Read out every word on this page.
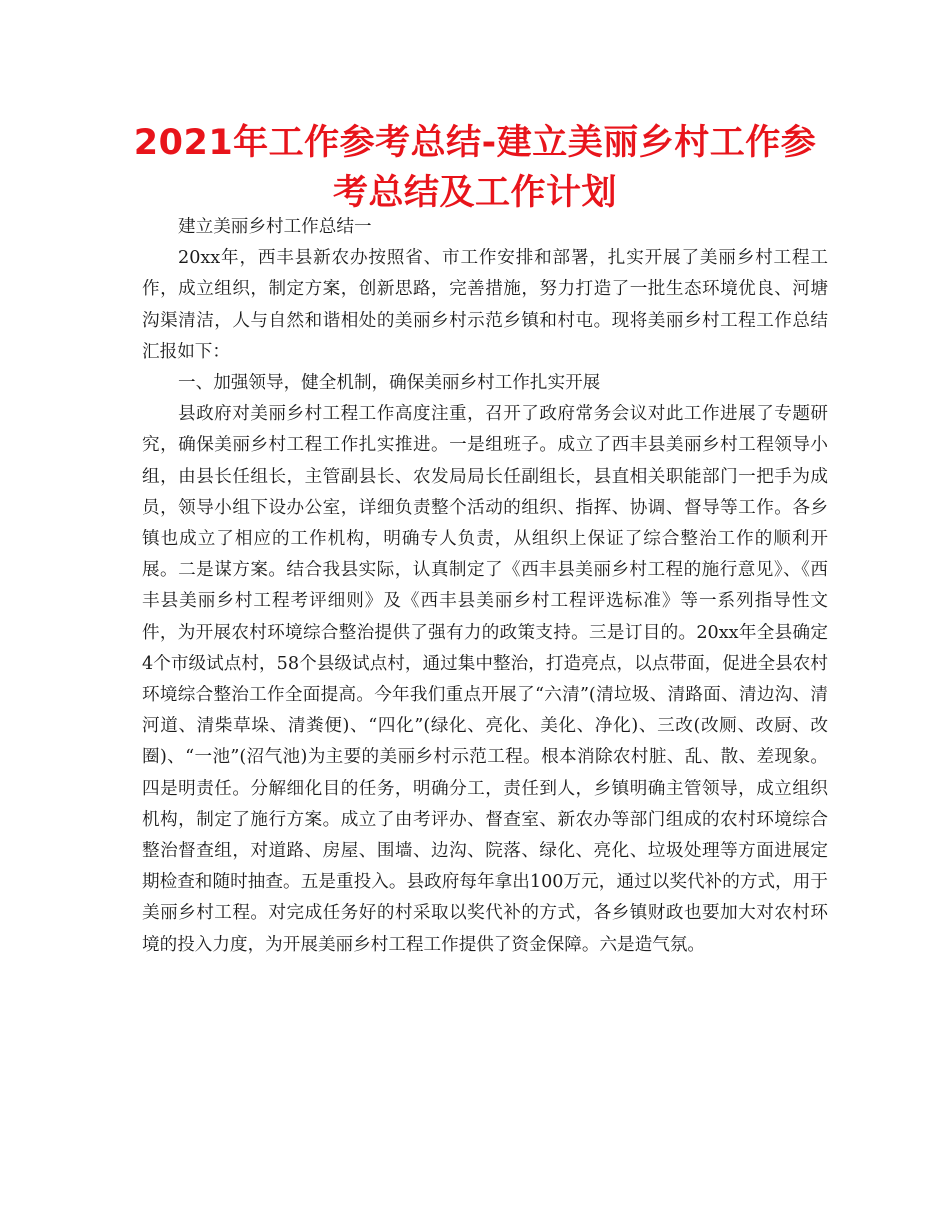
2021年工作参考总结-建立美丽乡村工作参考总结及工作计划

建立美丽乡村工作总结一

20xx年，西丰县新农办按照省、市工作安排和部署，扎实开展了美丽乡村工程工作，成立组织，制定方案，创新思路，完善措施，努力打造了一批生态环境优良、河塘沟渠清洁，人与自然和谐相处的美丽乡村示范乡镇和村屯。现将美丽乡村工程工作总结汇报如下：

一、加强领导，健全机制，确保美丽乡村工作扎实开展

县政府对美丽乡村工程工作高度注重，召开了政府常务会议对此工作进展了专题研究，确保美丽乡村工程工作扎实推进。一是组班子。成立了西丰县美丽乡村工程领导小组，由县长任组长，主管副县长、农发局局长任副组长，县直相关职能部门一把手为成员，领导小组下设办公室，详细负责整个活动的组织、指挥、协调、督导等工作。各乡镇也成立了相应的工作机构，明确专人负责，从组织上保证了综合整治工作的顺利开展。二是谋方案。结合我县实际，认真制定了《西丰县美丽乡村工程的施行意见》、《西丰县美丽乡村工程考评细则》及《西丰县美丽乡村工程评选标准》等一系列指导性文件，为开展农村环境综合整治提供了强有力的政策支持。三是订目的。20xx年全县确定4个市级试点村，58个县级试点村，通过集中整治，打造亮点，以点带面，促进全县农村环境综合整治工作全面提高。今年我们重点开展了“六清”(清垃圾、清路面、清边沟、清河道、清柴草垛、清粪便)、“四化”(绿化、亮化、美化、净化)、三改(改厕、改厨、改圈)、“一池”(沼气池)为主要的美丽乡村示范工程。根本消除农村脏、乱、散、差现象。四是明责任。分解细化目的任务，明确分工，责任到人，乡镇明确主管领导，成立组织机构，制定了施行方案。成立了由考评办、督查室、新农办等部门组成的农村环境综合整治督查组，对道路、房屋、围墙、边沟、院落、绿化、亮化、垃圾处理等方面进展定期检查和随时抽查。五是重投入。县政府每年拿出100万元，通过以奖代补的方式，用于美丽乡村工程。对完成任务好的村采取以奖代补的方式，各乡镇财政也要加大对农村环境的投入力度，为开展美丽乡村工程工作提供了资金保障。六是造气氛。
